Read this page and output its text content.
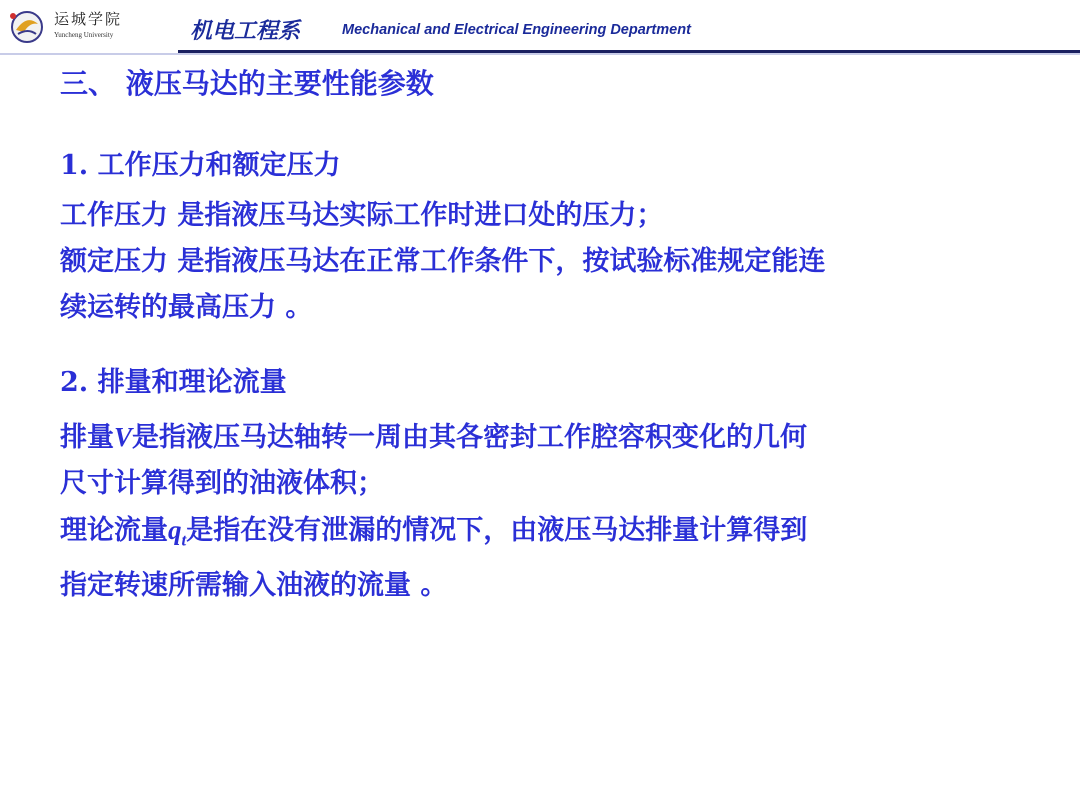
运城学院
Yuncheng University	机电工程系	Mechanical and Electrical Engineering Department
三、 液压马达的主要性能参数
1. 工作压力和额定压力
工作压力 是指液压马达实际工作时进口处的压力；
额定压力 是指液压马达在正常工作条件下，按试验标准规定能连
续运转的最高压力 。
2. 排量和理论流量
排量V是指液压马达轴转一周由其各密封工作腔容积变化的几何
尺寸计算得到的油液体积；
理论流量$q_t$是指在没有泄漏的情况下，由液压马达排量计算得到
指定转速所需输入油液的流量 。
